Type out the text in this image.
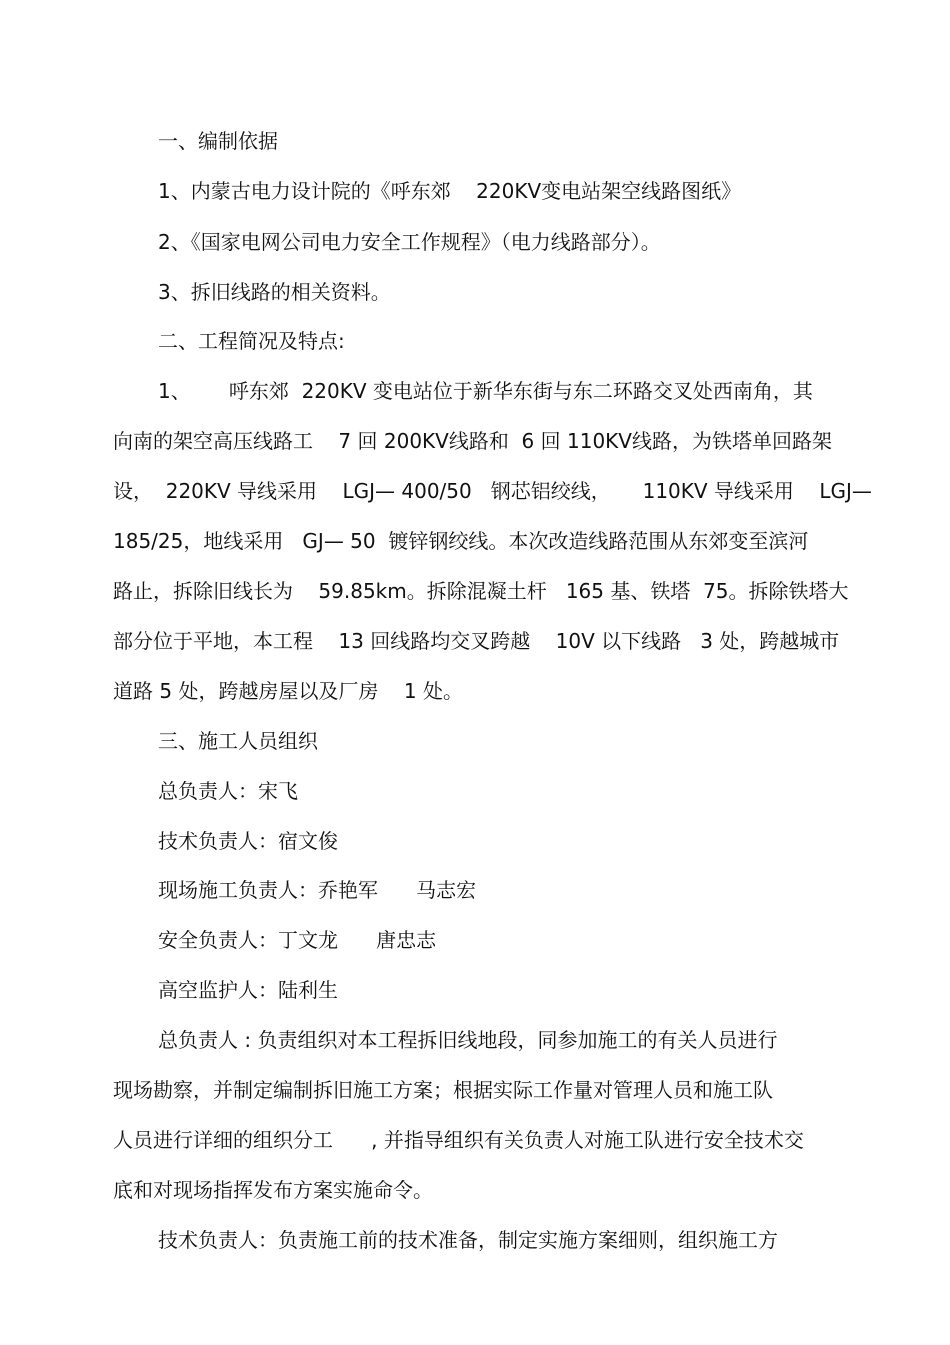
一、编制依据
1、内蒙古电力设计院的《呼东郊    220KV变电站架空线路图纸》
2、《国家电网公司电力安全工作规程》（电力线路部分）。
3、拆旧线路的相关资料。
二、工程简况及特点:
1、      呼东郊  220KV 变电站位于新华东街与东二环路交叉处西南角，其
向南的架空高压线路工    7 回 200KV线路和  6 回 110KV线路，为铁塔单回路架
设，  220KV 导线采用    LGJ— 400/50   钢芯铝绞线，     110KV 导线采用    LGJ—
185/25，地线采用   GJ— 50  镀锌钢绞线。本次改造线路范围从东郊变至滨河
路止，拆除旧线长为    59.85km。拆除混凝土杆   165 基、铁塔  75。拆除铁塔大
部分位于平地，本工程    13 回线路均交叉跨越    10V 以下线路   3 处，跨越城市
道路 5 处，跨越房屋以及厂房    1 处。
三、施工人员组织
总负责人：宋飞
技术负责人：宿文俊
现场施工负责人：乔艳军      马志宏
安全负责人：丁文龙      唐忠志
高空监护人：陆利生
总负责人 : 负责组织对本工程拆旧线地段，同参加施工的有关人员进行
现场勘察，并制定编制拆旧施工方案；根据实际工作量对管理人员和施工队
人员进行详细的组织分工      , 并指导组织有关负责人对施工队进行安全技术交
底和对现场指挥发布方案实施命令。
技术负责人：负责施工前的技术准备，制定实施方案细则，组织施工方
